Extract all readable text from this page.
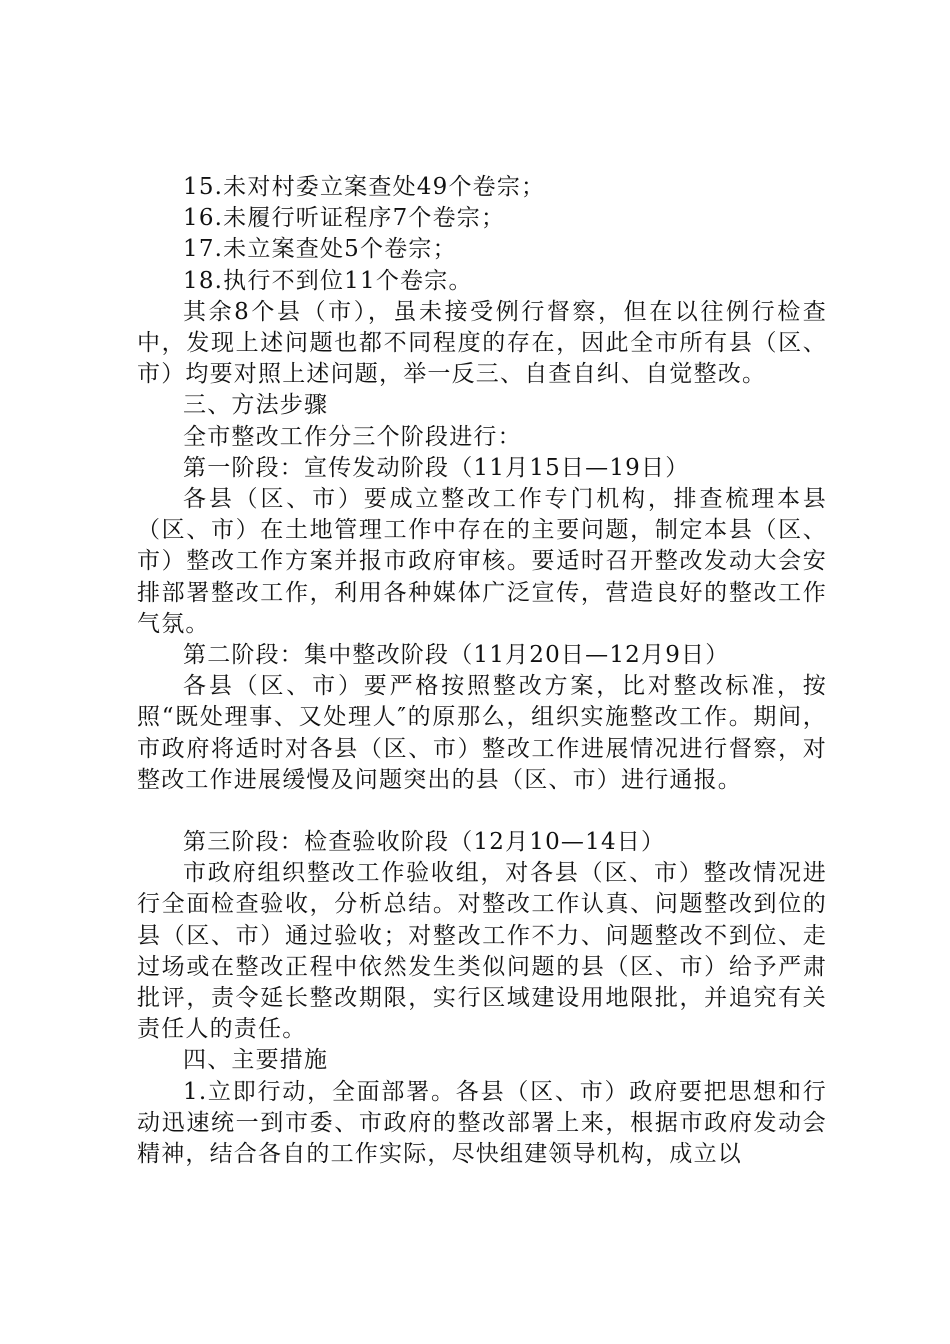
15.未对村委立案查处49个卷宗；

16.未履行听证程序7个卷宗；

17.未立案查处5个卷宗；

18.执行不到位11个卷宗。

其余8个县（市），虽未接受例行督察，但在以往例行检查中，发现上述问题也都不同程度的存在，因此全市所有县（区、市）均要对照上述问题，举一反三、自查自纠、自觉整改。

三、方法步骤

全市整改工作分三个阶段进行：

第一阶段：宣传发动阶段（11月15日—19日）

各县（区、市）要成立整改工作专门机构，排查梳理本县（区、市）在土地管理工作中存在的主要问题，制定本县（区、市）整改工作方案并报市政府审核。要适时召开整改发动大会安排部署整改工作，利用各种媒体广泛宣传，营造良好的整改工作气氛。

第二阶段：集中整改阶段（11月20日—12月9日）

各县（区、市）要严格按照整改方案，比对整改标准，按照“既处理事、又处理人″的原那么，组织实施整改工作。期间，市政府将适时对各县（区、市）整改工作进展情况进行督察，对整改工作进展缓慢及问题突出的县（区、市）进行通报。

第三阶段：检查验收阶段（12月10—14日）

市政府组织整改工作验收组，对各县（区、市）整改情况进行全面检查验收，分析总结。对整改工作认真、问题整改到位的县（区、市）通过验收；对整改工作不力、问题整改不到位、走过场或在整改正程中依然发生类似问题的县（区、市）给予严肃批评，责令延长整改期限，实行区域建设用地限批，并追究有关责任人的责任。

四、主要措施

1.立即行动，全面部署。各县（区、市）政府要把思想和行动迅速统一到市委、市政府的整改部署上来，根据市政府发动会精神，结合各自的工作实际，尽快组建领导机构，成立以
